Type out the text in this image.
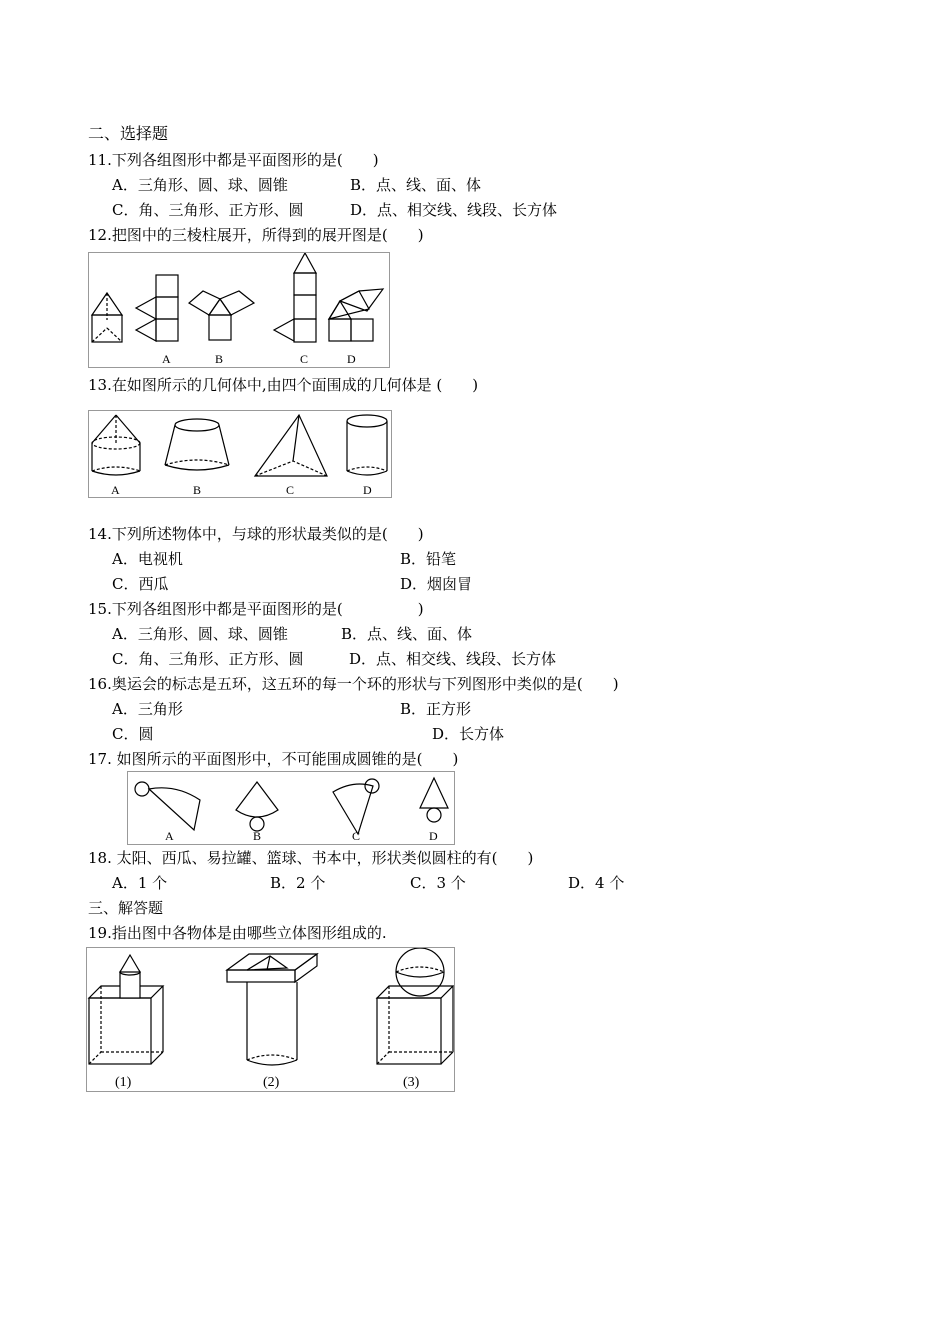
二、选择题
11.下列各组图形中都是平面图形的是(　　)
A．三角形、圆、球、圆锥	B．点、线、面、体
C．角、三角形、正方形、圆	D．点、相交线、线段、长方体
12.把图中的三棱柱展开，所得到的展开图是(　　)
A	B	C	D
13.在如图所示的几何体中,由四个面围成的几何体是 (　　)
A	B	C	D
14.下列所述物体中，与球的形状最类似的是(　　)
A．电视机	B．铅笔
C．西瓜	D．烟囱冒
15.下列各组图形中都是平面图形的是(　　　　　)
A．三角形、圆、球、圆锥	B．点、线、面、体
C．角、三角形、正方形、圆	D．点、相交线、线段、长方体
16.奥运会的标志是五环，这五环的每一个环的形状与下列图形中类似的是(　　)
A．三角形	B．正方形
C．圆	D．长方体
17. 如图所示的平面图形中，不可能围成圆锥的是(　　)
A	B	C	D
18. 太阳、西瓜、易拉罐、篮球、书本中，形状类似圆柱的有(　　)
A．1 个	B．2 个	C．3 个	D．4 个
三、解答题
19.指出图中各物体是由哪些立体图形组成的.
(1)	(2)	(3)
